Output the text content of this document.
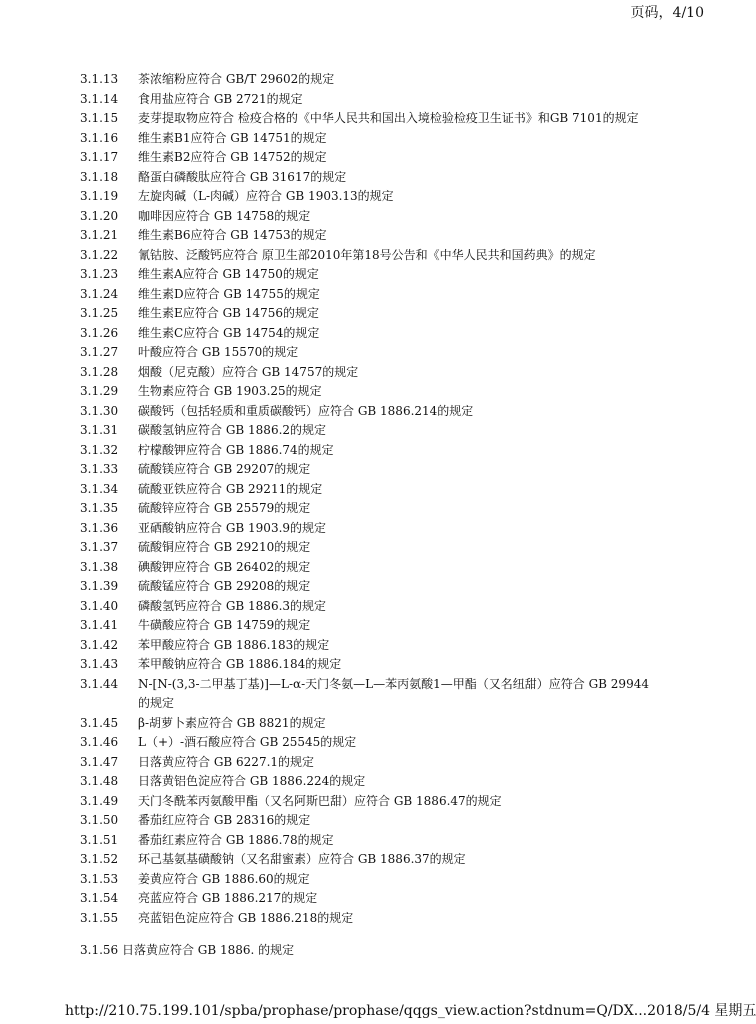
页码，4/10
3.1.13	茶浓缩粉应符合 GB/T 29602的规定
3.1.14	食用盐应符合 GB 2721的规定
3.1.15 麦芽提取物应符合 检疫合格的《中华人民共和国出入境检验检疫卫生证书》和GB 7101的规定
3.1.16	维生素B1应符合 GB 14751的规定
3.1.17	维生素B2应符合 GB 14752的规定
3.1.18	酪蛋白磷酸肽应符合 GB 31617的规定
3.1.19	左旋肉碱（L-肉碱）应符合 GB 1903.13的规定
3.1.20	咖啡因应符合 GB 14758的规定
3.1.21	维生素B6应符合 GB 14753的规定
3.1.22	氰钴胺、泛酸钙应符合 原卫生部2010年第18号公告和《中华人民共和国药典》的规定
3.1.23	维生素A应符合 GB 14750的规定
3.1.24	维生素D应符合 GB 14755的规定
3.1.25	维生素E应符合 GB 14756的规定
3.1.26	维生素C应符合 GB 14754的规定
3.1.27	叶酸应符合 GB 15570的规定
3.1.28	烟酸（尼克酸）应符合 GB 14757的规定
3.1.29	生物素应符合 GB 1903.25的规定
3.1.30	碳酸钙（包括轻质和重质碳酸钙）应符合 GB 1886.214的规定
3.1.31	碳酸氢钠应符合 GB 1886.2的规定
3.1.32	柠檬酸钾应符合 GB 1886.74的规定
3.1.33	硫酸镁应符合 GB 29207的规定
3.1.34	硫酸亚铁应符合 GB 29211的规定
3.1.35	硫酸锌应符合 GB 25579的规定
3.1.36	亚硒酸钠应符合 GB 1903.9的规定
3.1.37	硫酸铜应符合 GB 29210的规定
3.1.38	碘酸钾应符合 GB 26402的规定
3.1.39	硫酸锰应符合 GB 29208的规定
3.1.40	磷酸氢钙应符合 GB 1886.3的规定
3.1.41	牛磺酸应符合 GB 14759的规定
3.1.42	苯甲酸应符合 GB 1886.183的规定
3.1.43	苯甲酸钠应符合 GB 1886.184的规定
3.1.44 N-[N-(3,3-二甲基丁基)]—L-α-天门冬氨—L—苯丙氨酸1—甲酯（又名纽甜）应符合 GB 29944的规定
3.1.45	β-胡萝卜素应符合 GB 8821的规定
3.1.46	L（+）-酒石酸应符合 GB 25545的规定
3.1.47	日落黄应符合 GB 6227.1的规定
3.1.48	日落黄铝色淀应符合 GB 1886.224的规定
3.1.49	天门冬酰苯丙氨酸甲酯（又名阿斯巴甜）应符合 GB 1886.47的规定
3.1.50	番茄红应符合 GB 28316的规定
3.1.51	番茄红素应符合 GB 1886.78的规定
3.1.52	环己基氨基磺酸钠（又名甜蜜素）应符合 GB 1886.37的规定
3.1.53	姜黄应符合 GB 1886.60的规定
3.1.54	亮蓝应符合 GB 1886.217的规定
3.1.55	亮蓝铝色淀应符合 GB 1886.218的规定
3.1.56 日落黄应符合 GB 1886. 的规定
http://210.75.199.101/spba/prophase/prophase/qqgs_view.action?stdnum=Q/DX... 2018/5/4 星期五
